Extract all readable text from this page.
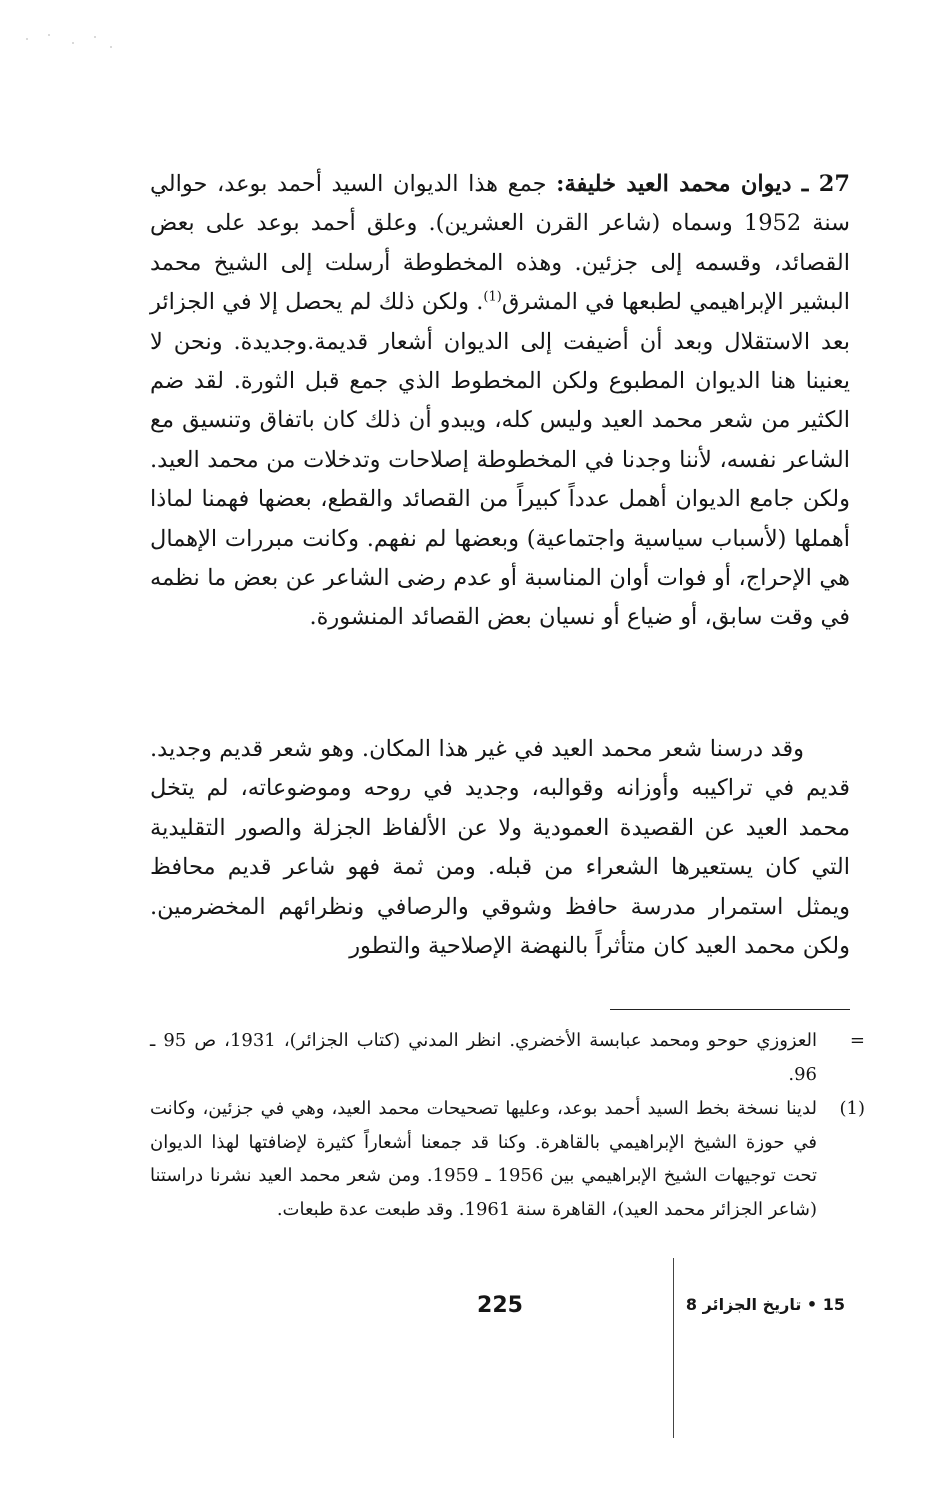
27 ـ ديوان محمد العيد خليفة: جمع هذا الديوان السيد أحمد بوعد، حوالي سنة 1952 وسماه (شاعر القرن العشرين). وعلق أحمد بوعد على بعض القصائد، وقسمه إلى جزئين. وهذه المخطوطة أرسلت إلى الشيخ محمد البشير الإبراهيمي لطبعها في المشرق$^{(1)}$. ولكن ذلك لم يحصل إلا في الجزائر بعد الاستقلال وبعد أن أضيفت إلى الديوان أشعار قديمة.وجديدة. ونحن لا يعنينا هنا الديوان المطبوع ولكن المخطوط الذي جمع قبل الثورة. لقد ضم الكثير من شعر محمد العيد وليس كله، ويبدو أن ذلك كان باتفاق وتنسيق مع الشاعر نفسه، لأننا وجدنا في المخطوطة إصلاحات وتدخلات من محمد العيد. ولكن جامع الديوان أهمل عدداً كبيراً من القصائد والقطع، بعضها فهمنا لماذا أهملها (لأسباب سياسية واجتماعية) وبعضها لم نفهم. وكانت مبررات الإهمال هي الإحراج، أو فوات أوان المناسبة أو عدم رضى الشاعر عن بعض ما نظمه في وقت سابق، أو ضياع أو نسيان بعض القصائد المنشورة.

وقد درسنا شعر محمد العيد في غير هذا المكان. وهو شعر قديم وجديد. قديم في تراكيبه وأوزانه وقوالبه، وجديد في روحه وموضوعاته، لم يتخل محمد العيد عن القصيدة العمودية ولا عن الألفاظ الجزلة والصور التقليدية التي كان يستعيرها الشعراء من قبله. ومن ثمة فهو شاعر قديم محافظ ويمثل استمرار مدرسة حافظ وشوقي والرصافي ونظرائهم المخضرمين. ولكن محمد العيد كان متأثراً بالنهضة الإصلاحية والتطور

=
العزوزي حوحو ومحمد عبابسة الأخضري. انظر المدني (كتاب الجزائر)، 1931، ص 95 ـ 96.
(1)
لدينا نسخة بخط السيد أحمد بوعد، وعليها تصحيحات محمد العيد، وهي في جزئين، وكانت في حوزة الشيخ الإبراهيمي بالقاهرة. وكنا قد جمعنا أشعاراً كثيرة لإضافتها لهذا الديوان تحت توجيهات الشيخ الإبراهيمي بين 1956 ـ 1959. ومن شعر محمد العيد نشرنا دراستنا (شاعر الجزائر محمد العيد)، القاهرة سنة 1961. وقد طبعت عدة طبعات.
225	15 • تاريخ الجزائر 8
